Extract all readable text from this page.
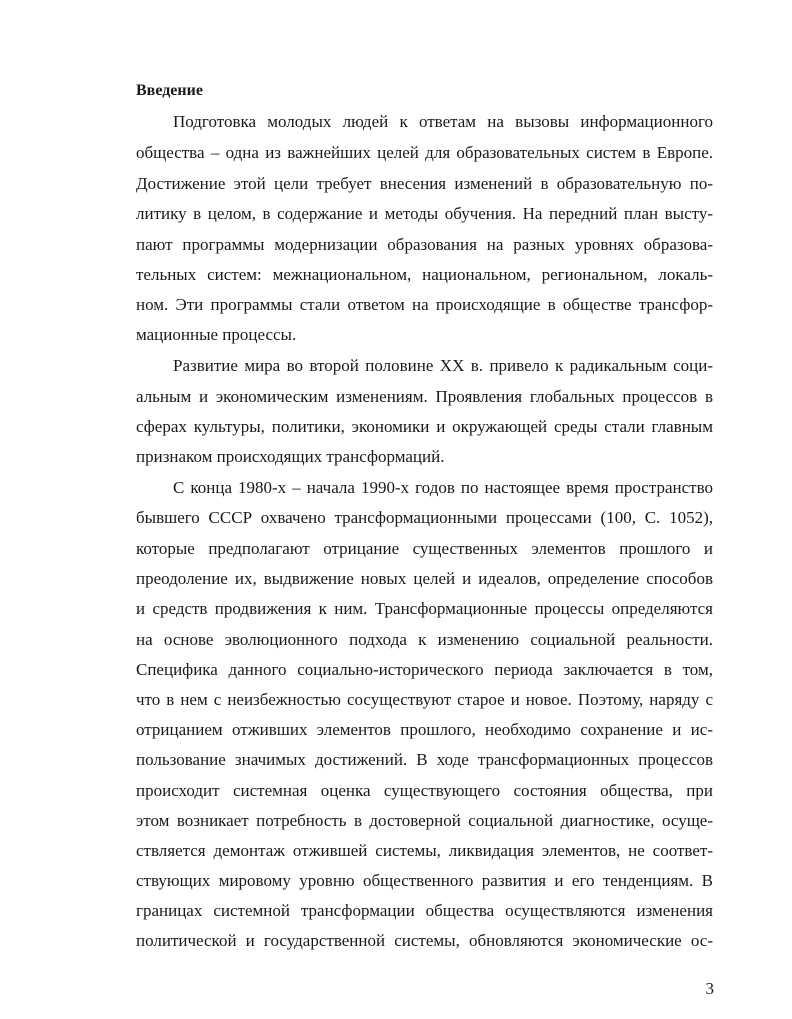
Введение

Подготовка молодых людей к ответам на вызовы информационного

общества – одна из важнейших целей для образовательных систем в Европе.

Достижение этой цели требует внесения изменений в образовательную по-

литику в целом, в содержание и методы обучения. На передний план высту-

пают программы модернизации образования на разных уровнях образова-

тельных систем: межнациональном, национальном, региональном, локаль-

ном. Эти программы стали ответом на происходящие в обществе трансфор-

мационные процессы.

Развитие мира во второй половине XX в. привело к радикальным соци-

альным и экономическим изменениям. Проявления глобальных процессов в

сферах культуры, политики, экономики и окружающей среды стали главным

признаком происходящих трансформаций.

С конца 1980-х – начала 1990-х годов по настоящее время пространство

бывшего СССР охвачено трансформационными процессами (100, С. 1052),

которые предполагают отрицание существенных элементов прошлого и

преодоление их, выдвижение новых целей и идеалов, определение способов

и средств продвижения к ним. Трансформационные процессы определяются

на основе эволюционного подхода к изменению социальной реальности.

Специфика данного социально-исторического периода заключается в том,

что в нем с неизбежностью сосуществуют старое и новое. Поэтому, наряду с

отрицанием отживших элементов прошлого, необходимо сохранение и ис-

пользование значимых достижений. В ходе трансформационных процессов

происходит системная оценка существующего состояния общества, при

этом возникает потребность в достоверной социальной диагностике, осуще-

ствляется демонтаж отжившей системы, ликвидация элементов, не соответ-

ствующих мировому уровню общественного развития и его тенденциям. В

границах системной трансформации общества осуществляются изменения

политической и государственной системы, обновляются экономические ос-

3
